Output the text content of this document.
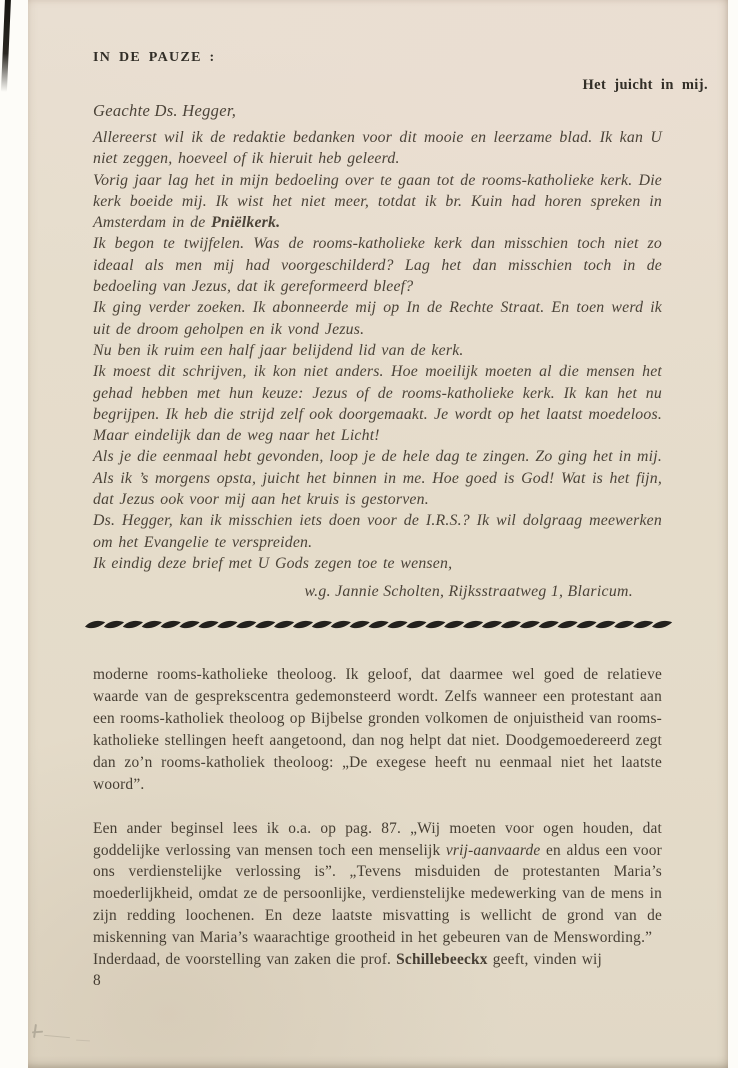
IN DE PAUZE :
Het juicht in mij.
Geachte Ds. Hegger,

Allereerst wil ik de redaktie bedanken voor dit mooie en leerzame blad. Ik kan U niet zeggen, hoeveel of ik hieruit heb geleerd.

Vorig jaar lag het in mijn bedoeling over te gaan tot de rooms-katholieke kerk. Die kerk boeide mij. Ik wist het niet meer, totdat ik br. Kuin had horen spreken in Amsterdam in de Pniëlkerk.

Ik begon te twijfelen. Was de rooms-katholieke kerk dan misschien toch niet zo ideaal als men mij had voorgeschilderd? Lag het dan misschien toch in de bedoeling van Jezus, dat ik gereformeerd bleef?

Ik ging verder zoeken. Ik abonneerde mij op In de Rechte Straat. En toen werd ik uit de droom geholpen en ik vond Jezus.

Nu ben ik ruim een half jaar belijdend lid van de kerk.

Ik moest dit schrijven, ik kon niet anders. Hoe moeilijk moeten al die mensen het gehad hebben met hun keuze: Jezus of de rooms-katholieke kerk. Ik kan het nu begrijpen. Ik heb die strijd zelf ook doorgemaakt. Je wordt op het laatst moedeloos. Maar eindelijk dan de weg naar het Licht!

Als je die eenmaal hebt gevonden, loop je de hele dag te zingen. Zo ging het in mij. Als ik ’s morgens opsta, juicht het binnen in me. Hoe goed is God! Wat is het fijn, dat Jezus ook voor mij aan het kruis is gestorven.

Ds. Hegger, kan ik misschien iets doen voor de I.R.S.? Ik wil dolgraag meewerken om het Evangelie te verspreiden.

Ik eindig deze brief met U Gods zegen toe te wensen,

w.g. Jannie Scholten, Rijksstraatweg 1, Blaricum.

moderne rooms-katholieke theoloog. Ik geloof, dat daarmee wel goed de relatieve waarde van de gesprekscentra gedemonsteerd wordt. Zelfs wanneer een protestant aan een rooms-katholiek theoloog op Bijbelse gronden volkomen de onjuistheid van rooms-katholieke stellingen heeft aangetoond, dan nog helpt dat niet. Doodgemoedereerd zegt dan zo’n rooms-katholiek theoloog: „De exegese heeft nu eenmaal niet het laatste woord”.

Een ander beginsel lees ik o.a. op pag. 87. „Wij moeten voor ogen houden, dat goddelijke verlossing van mensen toch een menselijk vrij-aanvaarde en aldus een voor ons verdienstelijke verlossing is”. „Tevens misduiden de protestanten Maria’s moederlijkheid, omdat ze de persoonlijke, verdienstelijke medewerking van de mens in zijn redding loochenen. En deze laatste misvatting is wellicht de grond van de miskenning van Maria’s waarachtige grootheid in het gebeuren van de Menswording.”

Inderdaad, de voorstelling van zaken die prof. Schillebeeckx geeft, vinden wij

8
